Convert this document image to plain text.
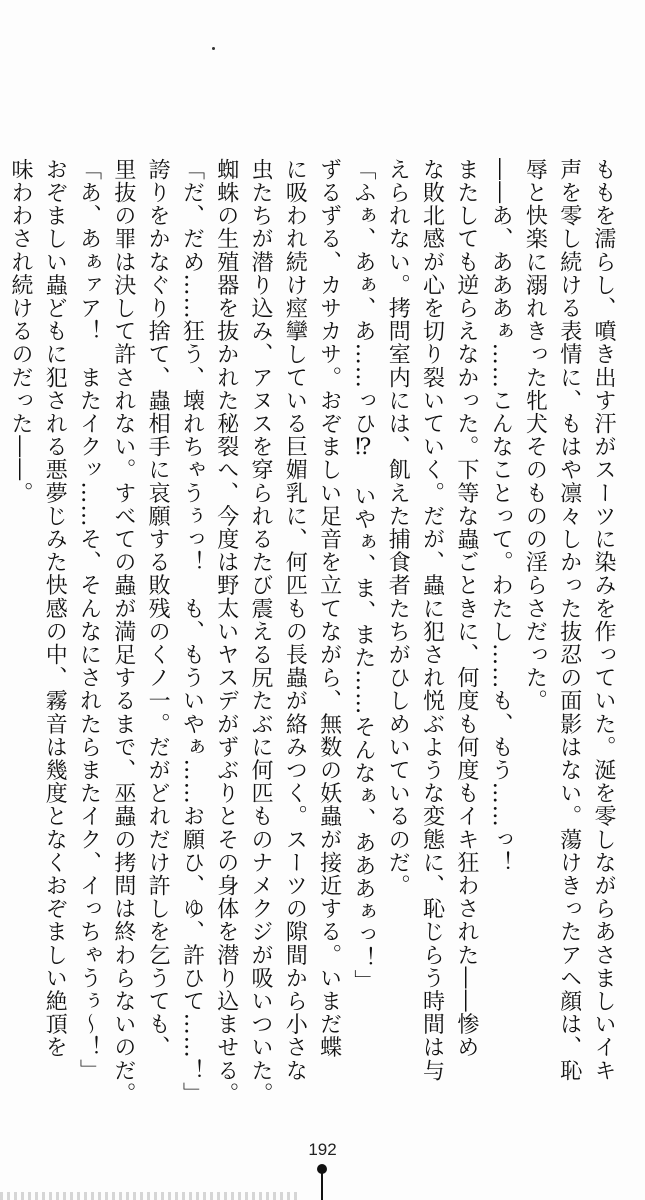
ももを濡らし、噴き出す汗がスーツに染みを作っていた。涎を零しながらあさましいイキ
声を零し続ける表情に、もはや凛々しかった抜忍の面影はない。蕩けきったアヘ顔は、恥
辱と快楽に溺れきった牝犬そのものの淫らさだった。
――あ、あああぁ……こんなことって。わたし……も、もう……っ！
またしても逆らえなかった。下等な蟲ごときに、何度も何度もイキ狂わされた――惨め
な敗北感が心を切り裂いていく。だが、蟲に犯され悦ぶような変態に、恥じらう時間は与
えられない。拷問室内には、飢えた捕食者たちがひしめいているのだ。
「ふぁ、あぁ、あ……っひ⁉　いやぁ、ま、また……そんなぁ、あああぁっ！」
ずるずる、カサカサ。おぞましい足音を立てながら、無数の妖蟲が接近する。いまだ蝶
に吸われ続け痙攣している巨媚乳に、何匹もの長蟲が絡みつく。スーツの隙間から小さな
虫たちが潜り込み、アヌスを穿られるたび震える尻たぶに何匹ものナメクジが吸いついた。
蜘蛛の生殖器を抜かれた秘裂へ、今度は野太いヤスデがずぶりとその身体を潜り込ませる。
「だ、だめ……狂う、壊れちゃうぅっ！　も、もういやぁ……お願ひ、ゆ、許ひて……！」
誇りをかなぐり捨て、蟲相手に哀願する敗残のくノ一。だがどれだけ許しを乞うても、
里抜の罪は決して許されない。すべての蟲が満足するまで、巫蟲の拷問は終わらないのだ。
「あ、あぁァア！　またイクッ……そ、そんなにされたらまたイク、イっちゃうぅ～！」
おぞましい蟲どもに犯される悪夢じみた快感の中、霧音は幾度となくおぞましい絶頂を
味わわされ続けるのだった――。
192
